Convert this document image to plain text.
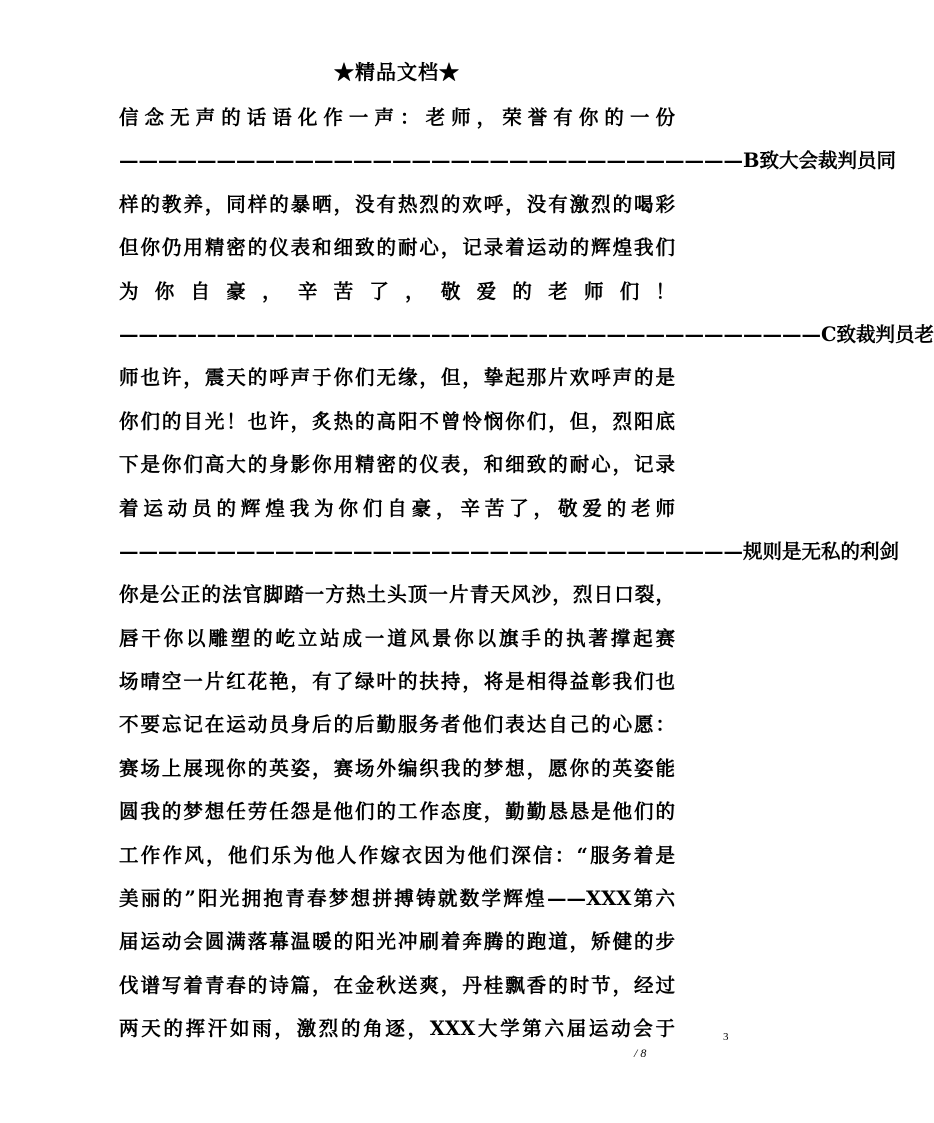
★精品文档★
信念无声的话语化作一声：老师，荣誉有你的一份
————————————————————————————————B致大会裁判员同
样的教养，同样的暴晒，没有热烈的欢呼，没有激烈的喝彩
但你仍用精密的仪表和细致的耐心，记录着运动的辉煌我们
为你自豪，辛苦了，敬爱的老师们！
————————————————————————————————————C致裁判员老
师也许，震天的呼声于你们无缘，但，挚起那片欢呼声的是
你们的目光！也许，炙热的高阳不曾怜悯你们，但，烈阳底
下是你们高大的身影你用精密的仪表，和细致的耐心，记录
着运动员的辉煌我为你们自豪，辛苦了，敬爱的老师
————————————————————————————————规则是无私的利剑
你是公正的法官脚踏一方热土头顶一片青天风沙，烈日口裂，
唇干你以雕塑的屹立站成一道风景你以旗手的执著撑起赛
场晴空一片红花艳，有了绿叶的扶持，将是相得益彰我们也
不要忘记在运动员身后的后勤服务者他们表达自己的心愿：
赛场上展现你的英姿，赛场外编织我的梦想，愿你的英姿能
圆我的梦想任劳任怨是他们的工作态度，勤勤恳恳是他们的
工作作风，他们乐为他人作嫁衣因为他们深信：“服务着是
美丽的”阳光拥抱青春梦想拼搏铸就数学辉煌——XXX第六
届运动会圆满落幕温暖的阳光冲刷着奔腾的跑道，矫健的步
伐谱写着青春的诗篇，在金秋送爽，丹桂飘香的时节，经过
两天的挥汗如雨，激烈的角逐，XXX大学第六届运动会于	3
/ 8
